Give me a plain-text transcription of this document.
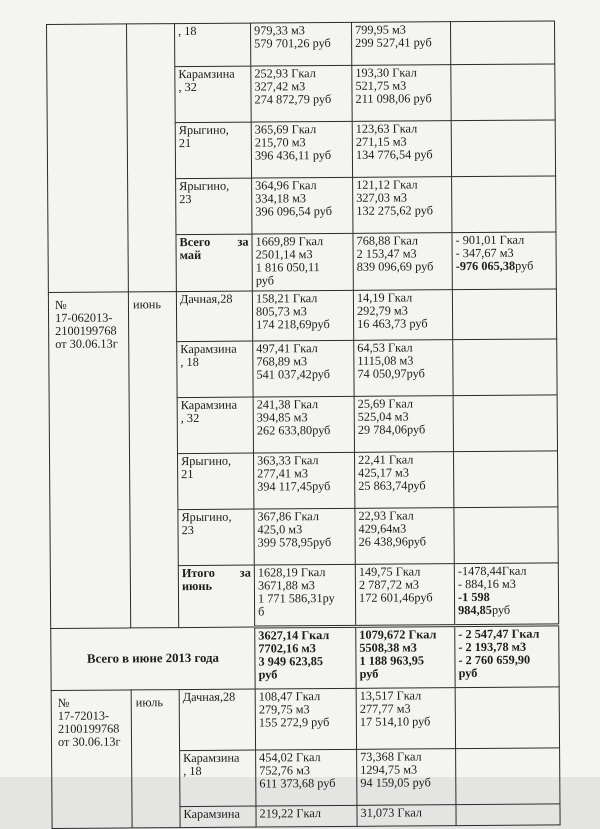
		, 18	979,33 м3
579 701,26 руб	799,95 м3
299 527,41 руб	

		Карамзина
, 32	252,93 Гкал
327,42 м3
274 872,79 руб	193,30 Гкал
521,75 м3
211 098,06 руб	

		Ярыгино,
21	365,69 Гкал
215,70 м3
396 436,11 руб	123,63 Гкал
271,15 м3
134 776,54 руб	

		Ярыгино,
23	364,96 Гкал
334,18 м3
396 096,54 руб	121,12 Гкал
327,03 м3
132 275,62 руб	

		Всего за
май	1669,89 Гкал
2501,14 м3
1 816 050,11
руб	768,88 Гкал
2 153,47 м3
839 096,69 руб	- 901,01 Гкал
- 347,67 м3
-976 065,38руб

№
17-062013-
2100199768
от 30.06.13г	июнь	Дачная,28	158,21 Гкал
805,73 м3
174 218,69руб	14,19 Гкал
292,79 м3
16 463,73 руб	

		Карамзина
, 18	497,41 Гкал
768,89 м3
541 037,42руб	64,53 Гкал
1115,08 м3
74 050,97руб	

		Карамзина
, 32	241,38 Гкал
394,85 м3
262 633,80руб	25,69 Гкал
525,04 м3
29 784,06руб	

		Ярыгино,
21	363,33 Гкал
277,41 м3
394 117,45руб	22,41 Гкал
425,17 м3
25 863,74руб	

		Ярыгино,
23	367,86 Гкал
425,0 м3
399 578,95руб	22,93 Гкал
429,64м3
26 438,96руб	

		Итого за
июнь	1628,19 Гкал
3671,88 м3
1 771 586,31ру
б	149,75 Гкал
2 787,72 м3
172 601,46руб	-1478,44Гкал
- 884,16 м3
-1 598
984,85руб

Всего в июне 2013 года			3627,14 Гкал
7702,16 м3
3 949 623,85
руб	1079,672 Гкал
5508,38 м3
1 188 963,95
руб	- 2 547,47 Гкал
- 2 193,78 м3
- 2 760 659,90
руб

№
17-72013-
2100199768
от 30.06.13г	июль	Дачная,28	108,47 Гкал
279,75 м3
155 272,9 руб	13,517 Гкал
277,77 м3
17 514,10 руб	

		Карамзина
, 18	454,02 Гкал
752,76 м3
611 373,68 руб	73,368 Гкал
1294,75 м3
94 159,05 руб	

		Карамзина	219,22 Гкал	31,073 Гкал	
